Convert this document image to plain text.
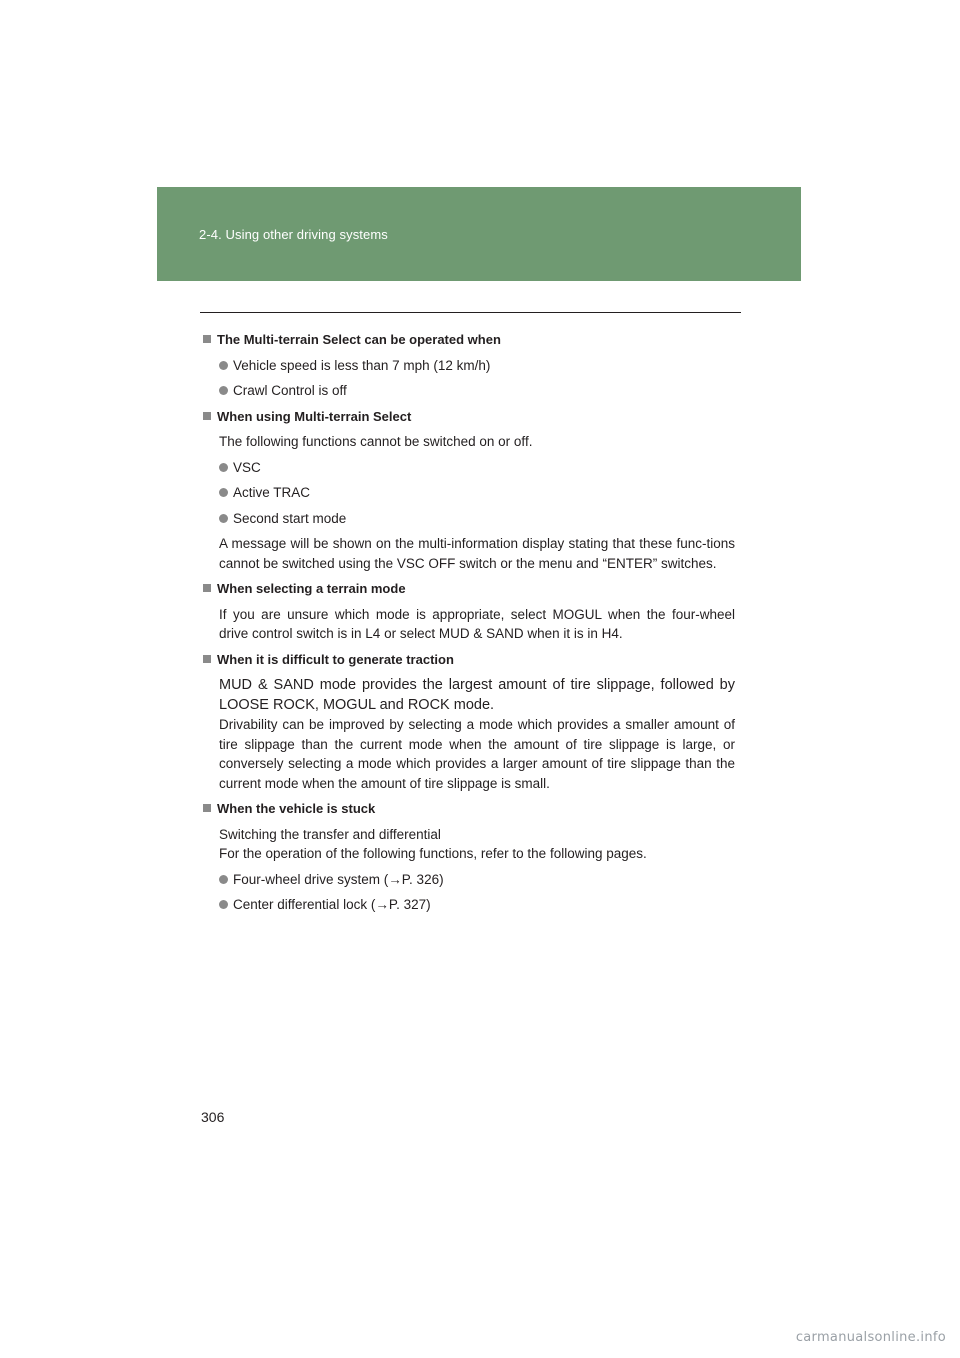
2-4. Using other driving systems
The Multi-terrain Select can be operated when
Vehicle speed is less than 7 mph (12 km/h)
Crawl Control is off
When using Multi-terrain Select
The following functions cannot be switched on or off.
VSC
Active TRAC
Second start mode
A message will be shown on the multi-information display stating that these func-tions cannot be switched using the VSC OFF switch or the menu and “ENTER” switches.
When selecting a terrain mode
If you are unsure which mode is appropriate, select MOGUL when the four-wheel drive control switch is in L4 or select MUD & SAND when it is in H4.
When it is difficult to generate traction
MUD & SAND mode provides the largest amount of tire slippage, followed by LOOSE ROCK, MOGUL and ROCK mode.
Drivability can be improved by selecting a mode which provides a smaller amount of tire slippage than the current mode when the amount of tire slippage is large, or conversely selecting a mode which provides a larger amount of tire slippage than the current mode when the amount of tire slippage is small.
When the vehicle is stuck
Switching the transfer and differential
For the operation of the following functions, refer to the following pages.
Four-wheel drive system (→P. 326)
Center differential lock (→P. 327)
306
carmanualsonline.info
